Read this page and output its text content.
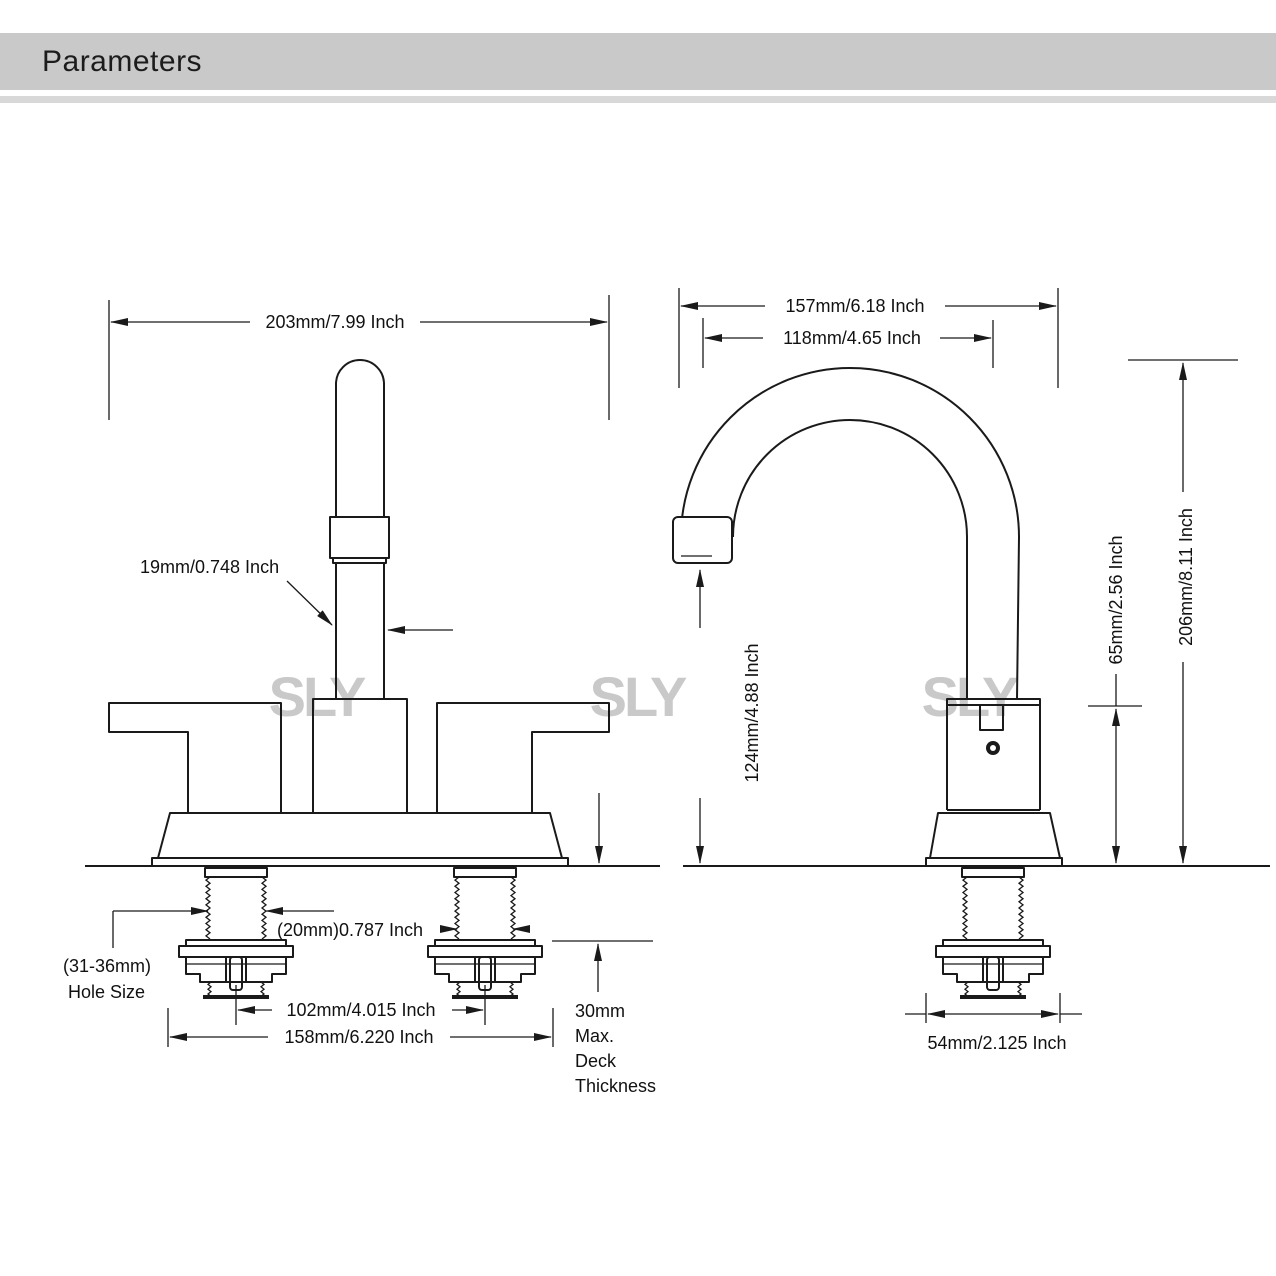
Parameters
SLY	SLY	SLY
203mm/7.99 Inch
19mm/0.748 Inch
30mm
Max.
Deck
Thickness
(20mm)0.787 Inch
(31-36mm)
Hole Size
102mm/4.015 Inch
158mm/6.220 Inch
157mm/6.18 Inch
118mm/4.65 Inch
124mm/4.88 Inch
65mm/2.56 Inch	206mm/8.11 Inch
54mm/2.125 Inch
